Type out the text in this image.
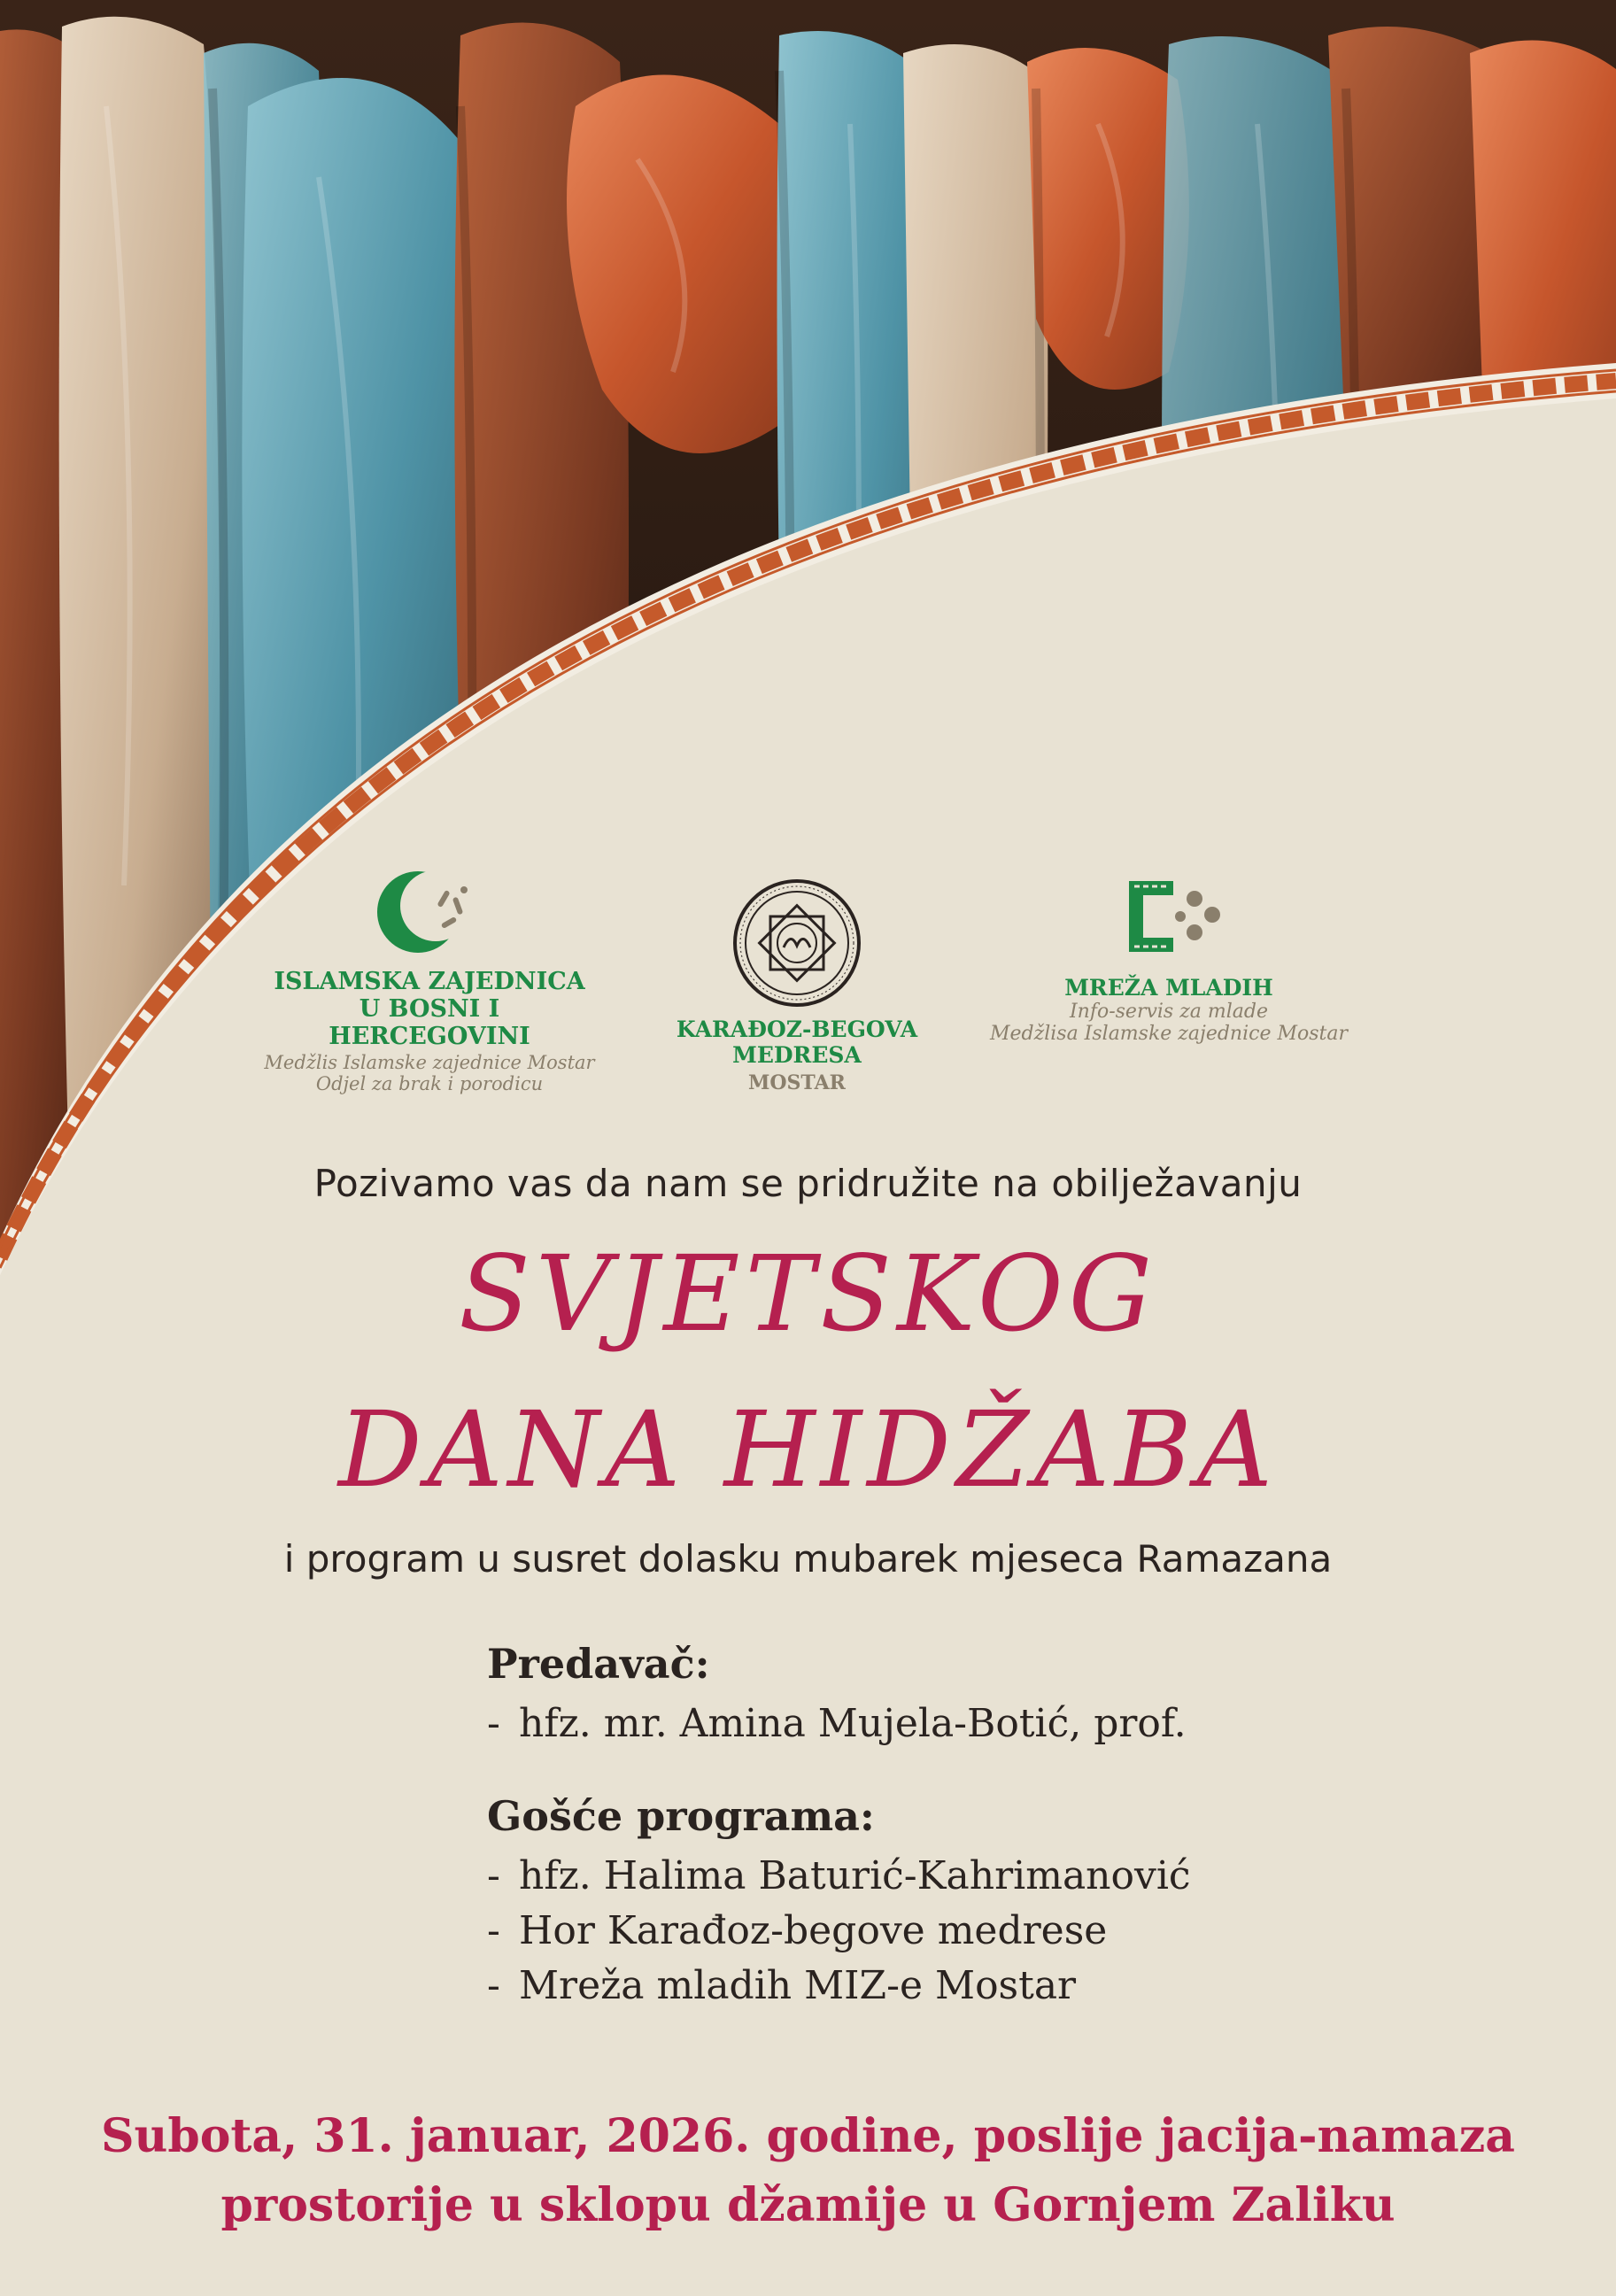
ISLAMSKA ZAJEDNICA
U BOSNI I HERCEGOVINI
Medžlis Islamske zajednice Mostar
Odjel za brak i porodicu
KARAĐOZ-BEGOVA MEDRESA
MOSTAR
MREŽA MLADIH
Info-servis za mlade
Medžlisa Islamske zajednice Mostar
Pozivamo vas da nam se pridružite na obilježavanju
SVJETSKOG
DANA HIDŽABA
i program u susret dolasku mubarek mjeseca Ramazana
Predavač:
- hfz. mr. Amina Mujela-Botić, prof.
Gošće programa:
- hfz. Halima Baturić-Kahrimanović
- Hor Karađoz-begove medrese
- Mreža mladih MIZ-e Mostar
Subota, 31. januar, 2026. godine, poslije jacija-namaza
prostorije u sklopu džamije u Gornjem Zaliku
